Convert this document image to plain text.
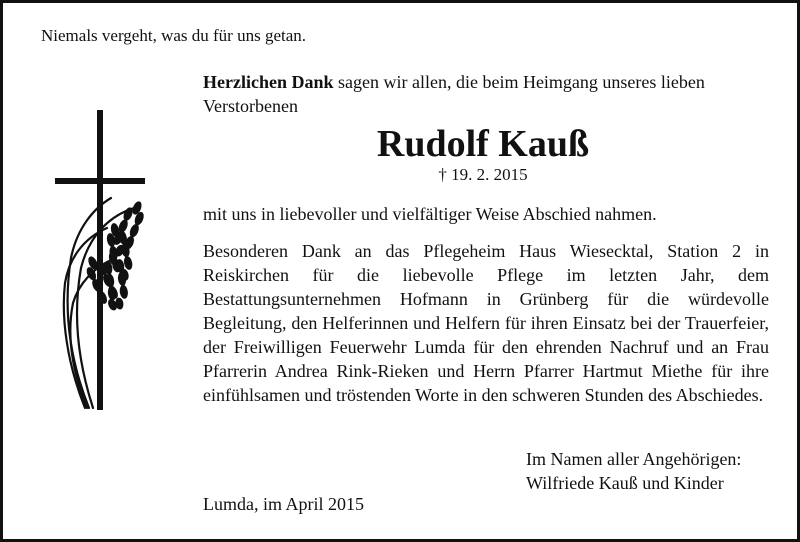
Niemals vergeht, was du für uns getan.
Herzlichen Dank sagen wir allen, die beim Heimgang unseres lieben Verstorbenen
Rudolf Kauß
† 19. 2. 2015
mit uns in liebevoller und vielfältiger Weise Abschied nahmen.
Besonderen Dank an das Pflegeheim Haus Wiesecktal, Station 2 in Reiskirchen für die liebevolle Pflege im letzten Jahr, dem Bestattungsunternehmen Hofmann in Grünberg für die würdevolle Begleitung, den Helferinnen und Helfern für ihren Einsatz bei der Trauerfeier, der Freiwilligen Feuerwehr Lumda für den ehrenden Nachruf und an Frau Pfarrerin Andrea Rink-Rieken und Herrn Pfarrer Hartmut Miethe für ihre einfühlsamen und tröstenden Worte in den schweren Stunden des Abschiedes.
Im Namen aller Angehörigen:
Wilfriede Kauß und Kinder
Lumda, im April 2015
